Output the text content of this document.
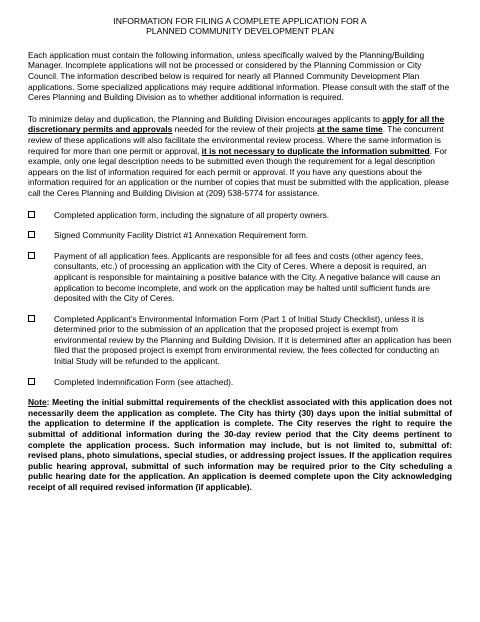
INFORMATION FOR FILING A COMPLETE APPLICATION FOR A
PLANNED COMMUNITY DEVELOPMENT PLAN

Each application must contain the following information, unless specifically waived by the Planning/Building Manager. Incomplete applications will not be processed or considered by the Planning Commission or City Council. The information described below is required for nearly all Planned Community Development Plan applications. Some specialized applications may require additional information. Please consult with the staff of the Ceres Planning and Building Division as to whether additional information is required.

To minimize delay and duplication, the Planning and Building Division encourages applicants to apply for all the discretionary permits and approvals needed for the review of their projects at the same time. The concurrent review of these applications will also facilitate the environmental review process. Where the same information is required for more than one permit or approval, it is not necessary to duplicate the information submitted. For example, only one legal description needs to be submitted even though the requirement for a legal description appears on the list of information required for each permit or approval. If you have any questions about the information required for an application or the number of copies that must be submitted with the application, please call the Ceres Planning and Building Division at (209) 538-5774 for assistance.

Completed application form, including the signature of all property owners.
Signed Community Facility District #1 Annexation Requirement form.
Payment of all application fees. Applicants are responsible for all fees and costs (other agency fees, consultants, etc.) of processing an application with the City of Ceres. Where a deposit is required, an applicant is responsible for maintaining a positive balance with the City. A negative balance will cause an application to become incomplete, and work on the application may be halted until sufficient funds are deposited with the City of Ceres.
Completed Applicant’s Environmental Information Form (Part 1 of Initial Study Checklist), unless it is determined prior to the submission of an application that the proposed project is exempt from environmental review by the Planning and Building Division. If it is determined after an application has been filed that the proposed project is exempt from environmental review, the fees collected for conducting an Initial Study will be refunded to the applicant.
Completed Indemnification Form (see attached).

Note: Meeting the initial submittal requirements of the checklist associated with this application does not necessarily deem the application as complete. The City has thirty (30) days upon the initial submittal of the application to determine if the application is complete. The City reserves the right to require the submittal of additional information during the 30-day review period that the City deems pertinent to complete the application process. Such information may include, but is not limited to, submittal of: revised plans, photo simulations, special studies, or addressing project issues. If the application requires public hearing approval, submittal of such information may be required prior to the City scheduling a public hearing date for the application. An application is deemed complete upon the City acknowledging receipt of all required revised information (if applicable).
